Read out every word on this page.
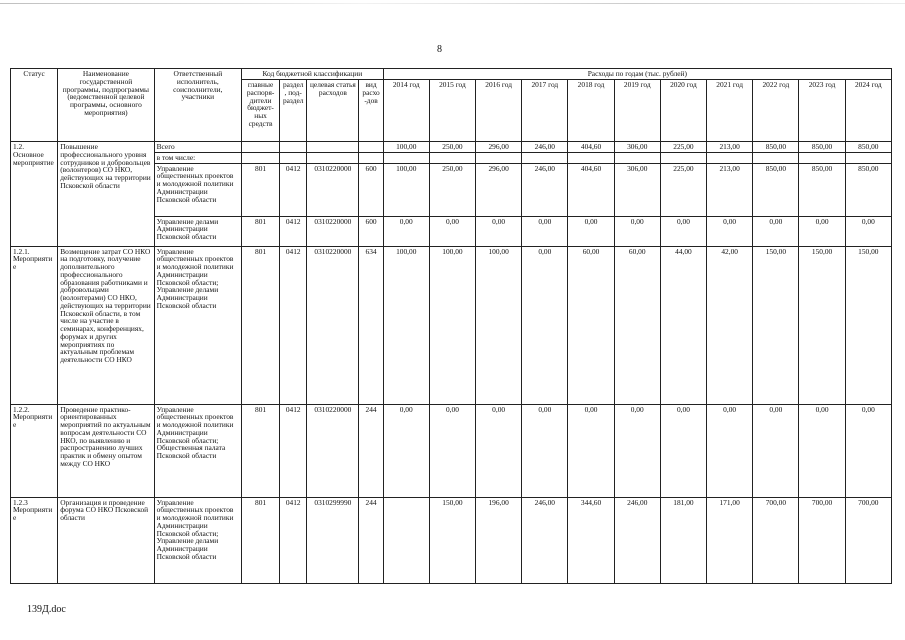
8
Статус	Наименование государственной программы, подпрограммы (ведомственной целевой программы, основного мероприятия)	Ответственный исполнитель, соисполнители, участники	Код бюджетной классификации				Расходы по годам (тыс. рублей)										
			главные распоря-дители бюджет-ных средств	раздел, под-раздел	целевая статья расходов	вид расхо-дов	2014 год	2015 год	2016 год	2017 год	2018 год	2019 год	2020 год	2021 год	2022 год	2023 год	2024 год
1.2. Основное мероприятие	Повышение профессионального уровня сотрудников и добровольцев (волонтеров) СО НКО, действующих на территории Псковской области	Всего					100,00	250,00	296,00	246,00	404,60	306,00	225,00	213,00	850,00	850,00	850,00
		в том числе:															
		Управление общественных проектов и молодежной политики Администрации Псковской области	801	0412	0310220000	600	100,00	250,00	296,00	246,00	404,60	306,00	225,00	213,00	850,00	850,00	850,00
		Управление делами Администрации Псковской области	801	0412	0310220000	600	0,00	0,00	0,00	0,00	0,00	0,00	0,00	0,00	0,00	0,00	0,00
1.2.1. Мероприятие	Возмещение затрат СО НКО на подготовку, получение дополнительного профессионального образования работниками и добровольцами (волонтерами) СО НКО, действующих на территории Псковской области, в том числе на участие в семинарах, конференциях, форумах и других мероприятиях по актуальным проблемам деятельности СО НКО	Управление общественных проектов и молодежной политики Администрации Псковской области; Управление делами Администрации Псковской области	801	0412	0310220000	634	100,00	100,00	100,00	0,00	60,00	60,00	44,00	42,00	150,00	150,00	150,00
1.2.2. Мероприятие	Проведение практико-ориентированных мероприятий по актуальным вопросам деятельности СО НКО, по выявлению и распространению лучших практик и обмену опытом между СО НКО	Управление общественных проектов и молодежной политики Администрации Псковской области; Общественная палата Псковской области	801	0412	0310220000	244	0,00	0,00	0,00	0,00	0,00	0,00	0,00	0,00	0,00	0,00	0,00
1.2.3 Мероприятие	Организация и проведение форума СО НКО Псковской области	Управление общественных проектов и молодежной политики Администрации Псковской области; Управление делами Администрации Псковской области	801	0412	0310299990	244		150,00	196,00	246,00	344,60	246,00	181,00	171,00	700,00	700,00	700,00
139Д.doc
